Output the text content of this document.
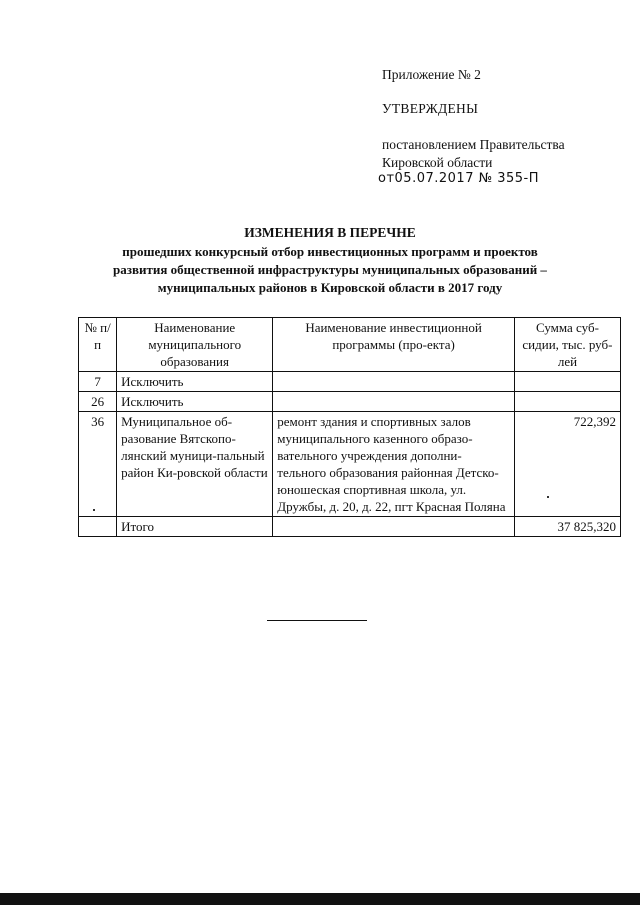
Приложение № 2
УТВЕРЖДЕНЫ
постановлением Правительства
Кировской области
от05.07.2017 № 355-П
ИЗМЕНЕНИЯ В ПЕРЕЧНЕ
прошедших конкурсный отбор инвестиционных программ и проектов
развития общественной инфраструктуры муниципальных образований –
муниципальных районов в Кировской области в 2017 году
№ п/п	Наименование муниципального образования	Наименование инвестиционной программы (про-екта)	Сумма суб-сидии, тыс. руб-лей
7	Исключить		
26	Исключить		
36	Муниципальное об-разование Вятскопо-лянский муници-пальный район Ки-ровской области	ремонт здания и спортивных залов муниципального казенного образо-вательного учреждения дополни-тельного образования районная Детско-юношеская спортивная школа, ул. Дружбы, д. 20, д. 22, пгт Красная Поляна	722,392
	Итого		37 825,320
